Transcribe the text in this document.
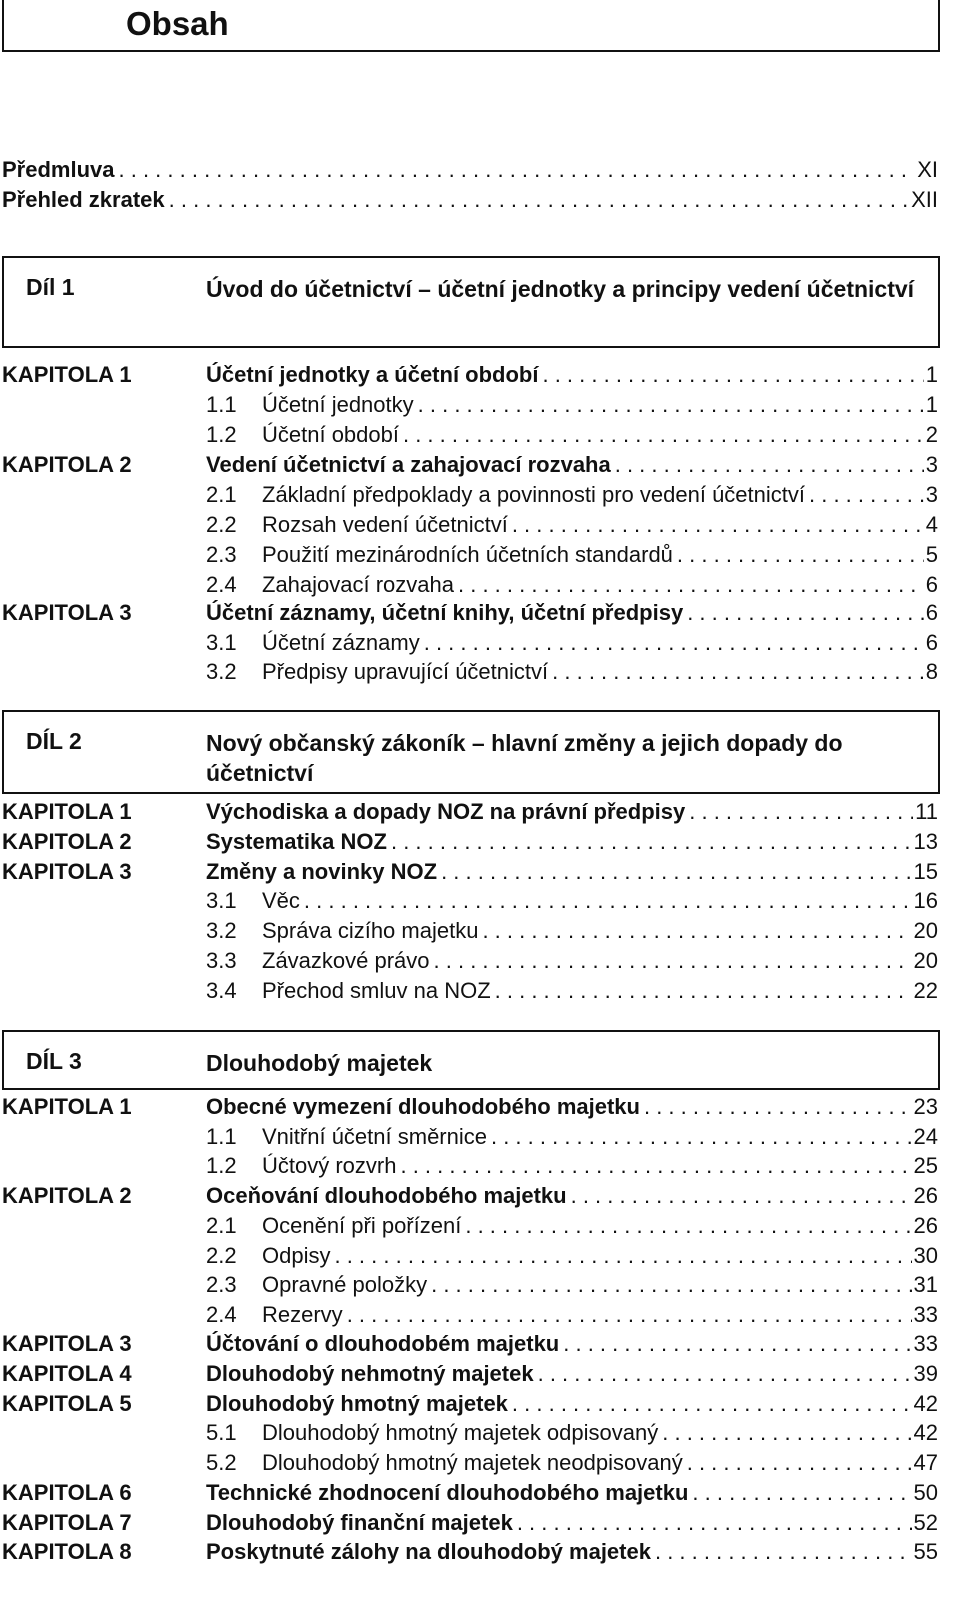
Obsah
Předmluva . . .	XI
Přehled zkratek . . .	XII
Díl 1	Úvod do účetnictví – účetní jednotky a principy vedení účetnictví
KAPITOLA 1	Účetní jednotky a účetní období . . .	1
1.1	Účetní jednotky . . .	1
1.2	Účetní období . . .	2
KAPITOLA 2	Vedení účetnictví a zahajovací rozvaha . . .	3
2.1	Základní předpoklady a povinnosti pro vedení účetnictví . . .	3
2.2	Rozsah vedení účetnictví . . .	4
2.3	Použití mezinárodních účetních standardů . . .	5
2.4	Zahajovací rozvaha . . .	6
KAPITOLA 3	Účetní záznamy, účetní knihy, účetní předpisy . . .	6
3.1	Účetní záznamy . . .	6
3.2	Předpisy upravující účetnictví . . .	8
DÍL 2	Nový občanský zákoník – hlavní změny a jejich dopady do účetnictví
KAPITOLA 1	Východiska a dopady NOZ na právní předpisy . . .	11
KAPITOLA 2	Systematika NOZ . . .	13
KAPITOLA 3	Změny a novinky NOZ . . .	15
3.1	Věc . . .	16
3.2	Správa cizího majetku . . .	20
3.3	Závazkové právo . . .	20
3.4	Přechod smluv na NOZ . . .	22
DÍL 3	Dlouhodobý majetek
KAPITOLA 1	Obecné vymezení dlouhodobého majetku . . .	23
1.1	Vnitřní účetní směrnice . . .	24
1.2	Účtový rozvrh . . .	25
KAPITOLA 2	Oceňování dlouhodobého majetku . . .	26
2.1	Ocenění při pořízení . . .	26
2.2	Odpisy . . .	30
2.3	Opravné položky . . .	31
2.4	Rezervy . . .	33
KAPITOLA 3	Účtování o dlouhodobém majetku . . .	33
KAPITOLA 4	Dlouhodobý nehmotný majetek . . .	39
KAPITOLA 5	Dlouhodobý hmotný majetek . . .	42
5.1	Dlouhodobý hmotný majetek odpisovaný . . .	42
5.2	Dlouhodobý hmotný majetek neodpisovaný . . .	47
KAPITOLA 6	Technické zhodnocení dlouhodobého majetku . . .	50
KAPITOLA 7	Dlouhodobý finanční majetek . . .	52
KAPITOLA 8	Poskytnuté zálohy na dlouhodobý majetek . . .	55
